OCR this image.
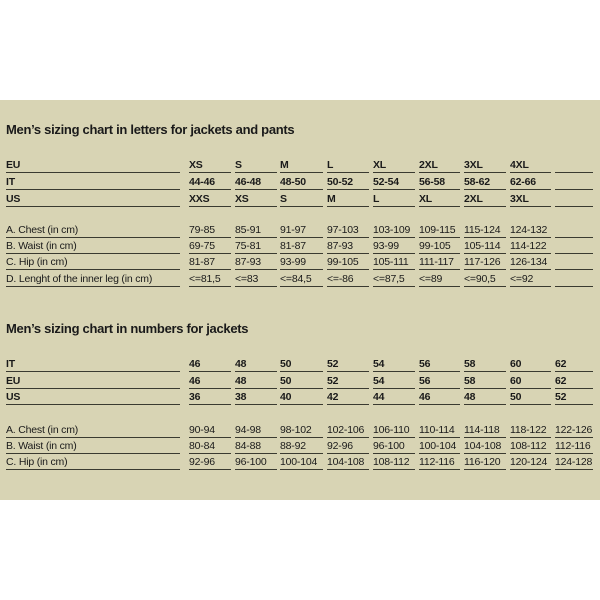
Men’s sizing chart in letters for jackets and pants
Men’s sizing chart in numbers for jackets
EU	XS	S	M	L	XL	2XL	3XL	4XL
IT	44-46	46-48	48-50	50-52	52-54	56-58	58-62	62-66
US	XXS	XS	S	M	L	XL	2XL	3XL
A. Chest (in cm)	79-85	85-91	91-97	97-103	103-109 109-115 115-124 124-132
B. Waist (in cm)	69-75	75-81	81-87	87-93	93-99	99-105	105-114 114-122
C. Hip (in cm)	81-87	87-93	93-99	99-105	105-111 111-117 117-126 126-134
D. Lenght of the inner leg (in cm)	<=81,5	<=83	<=84,5	<=-86	<=87,5	<=89	<=90,5	<=92
IT	46	48	50	52	54	56	58	60	62
EU	46	48	50	52	54	56	58	60	62
US	36	38	40	42	44	46	48	50	52
A. Chest (in cm)	90-94	94-98	98-102	102-106 106-110 110-114 114-118 118-122 122-126
B. Waist (in cm)	80-84	84-88	88-92	92-96	96-100	100-104 104-108 108-112 112-116
C. Hip (in cm)	92-96	96-100	100-104 104-108 108-112 112-116 116-120 120-124 124-128
